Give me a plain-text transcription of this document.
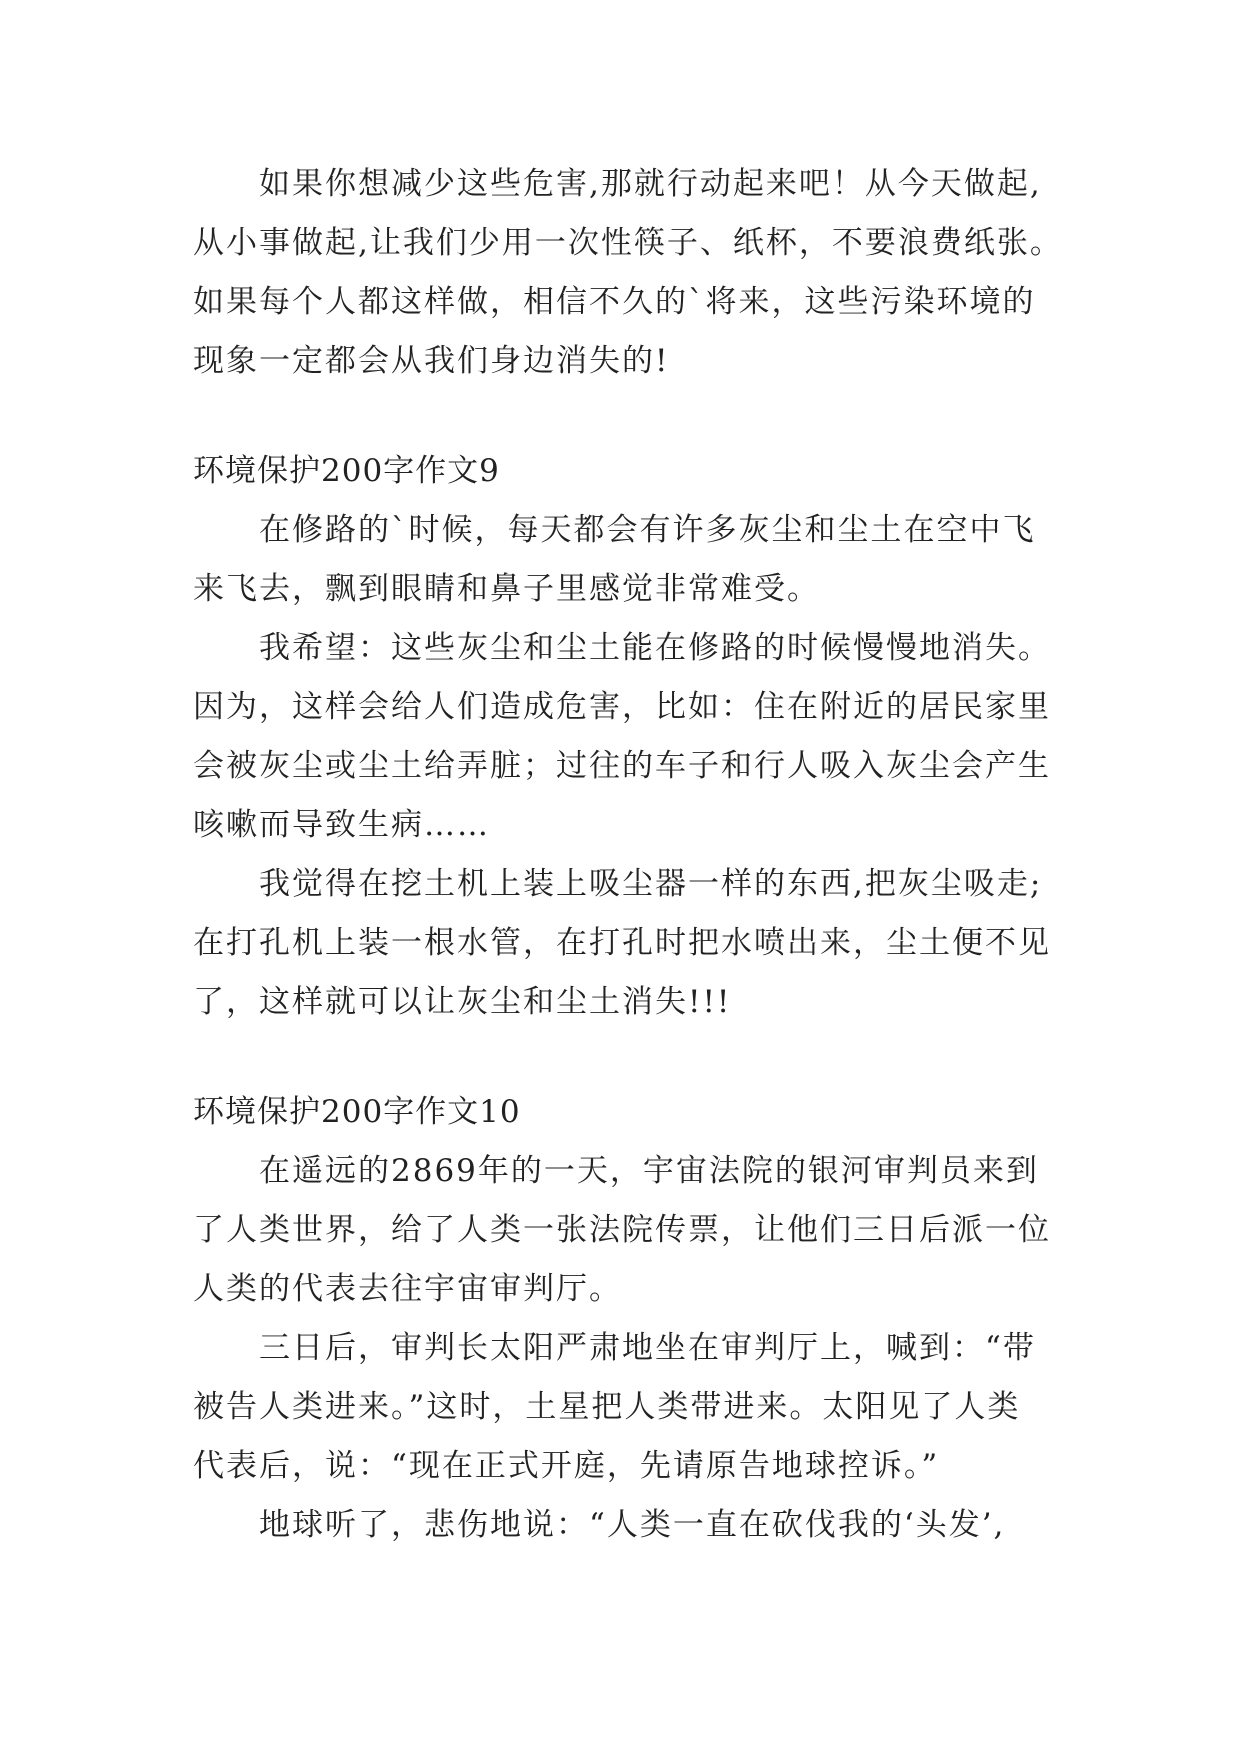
如果你想减少这些危害,那就行动起来吧！从今天做起,
从小事做起,让我们少用一次性筷子、纸杯，不要浪费纸张。
如果每个人都这样做，相信不久的`将来，这些污染环境的
现象一定都会从我们身边消失的!
环境保护200字作文9
在修路的`时候，每天都会有许多灰尘和尘土在空中飞
来飞去，飘到眼睛和鼻子里感觉非常难受。
我希望：这些灰尘和尘土能在修路的时候慢慢地消失。
因为，这样会给人们造成危害，比如：住在附近的居民家里
会被灰尘或尘土给弄脏；过往的车子和行人吸入灰尘会产生
咳嗽而导致生病……
我觉得在挖土机上装上吸尘器一样的东西,把灰尘吸走;
在打孔机上装一根水管，在打孔时把水喷出来，尘土便不见
了，这样就可以让灰尘和尘土消失!!!
环境保护200字作文10
在遥远的2869年的一天，宇宙法院的银河审判员来到
了人类世界，给了人类一张法院传票，让他们三日后派一位
人类的代表去往宇宙审判厅。
三日后，审判长太阳严肃地坐在审判厅上，喊到：“带
被告人类进来。”这时，土星把人类带进来。太阳见了人类
代表后，说：“现在正式开庭，先请原告地球控诉。”
地球听了，悲伤地说：“人类一直在砍伐我的‘头发’,
